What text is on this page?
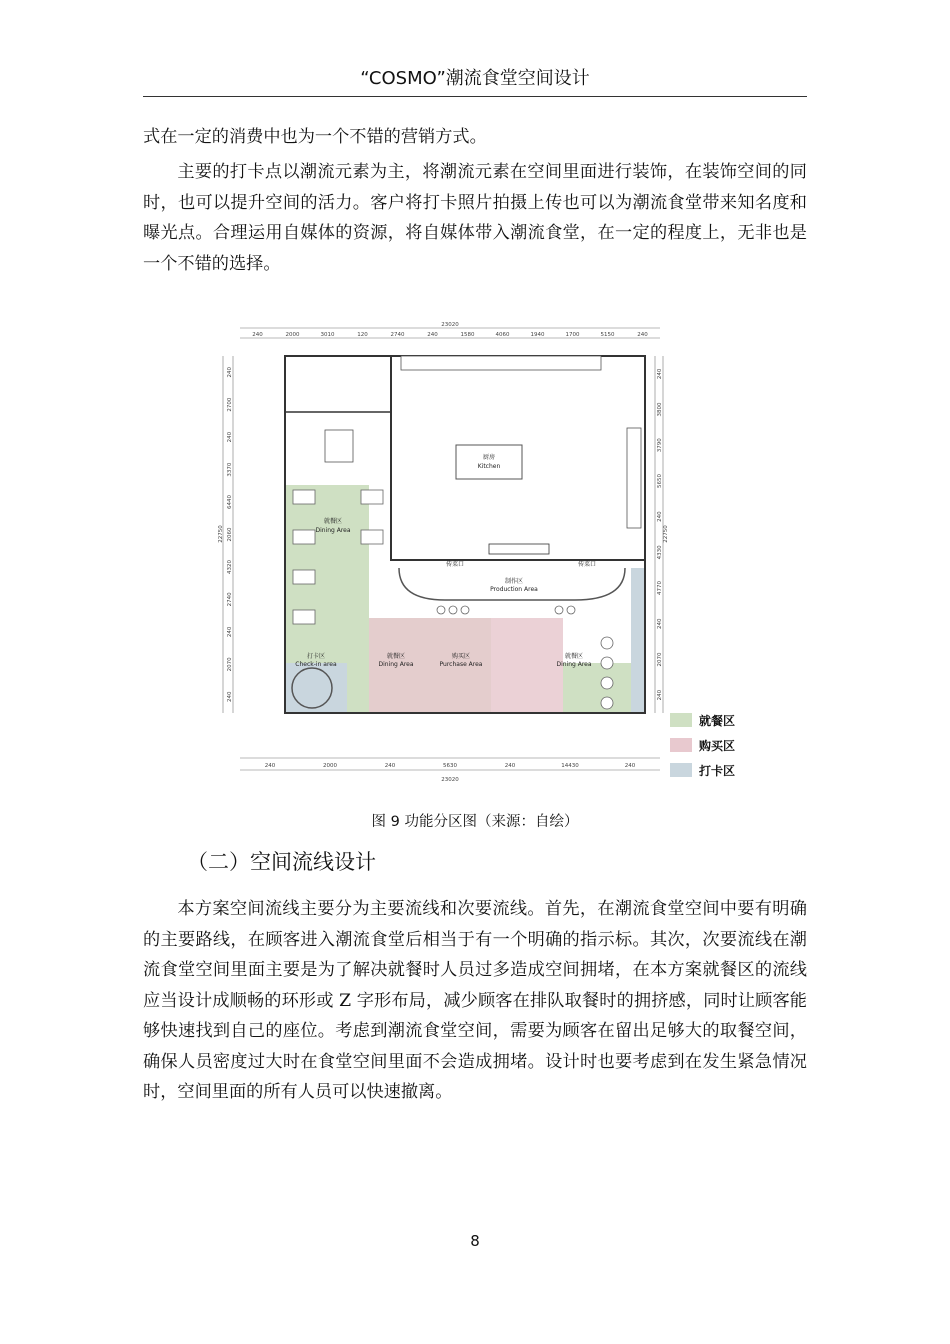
“COSMO”潮流食堂空间设计

式在一定的消费中也为一个不错的营销方式。

主要的打卡点以潮流元素为主，将潮流元素在空间里面进行装饰，在装饰空间的同时，也可以提升空间的活力。客户将打卡照片拍摄上传也可以为潮流食堂带来知名度和曝光点。合理运用自媒体的资源，将自媒体带入潮流食堂，在一定的程度上，无非也是一个不错的选择。

厨房
Kitchen
传菜口	传菜口
制作区
Production Area
就餐区
Dining Area
就餐区
Dining Area
购买区
Purchase Area
就餐区
Dining Area
打卡区
Check-in area
23020
23020
22750	22750
240	2000	3010	120	2740	240	1580	4060	1940	1700	5150	240
240	2000	240	5630	240	14430	240
240
2700
240
3370
6440
2060
4320
2740
240
2070
240
240
3800
3790
5650
240
4330
4770
240
2070
240
就餐区
购买区
打卡区
图 9 功能分区图（来源：自绘）
（二）空间流线设计

本方案空间流线主要分为主要流线和次要流线。首先，在潮流食堂空间中要有明确的主要路线，在顾客进入潮流食堂后相当于有一个明确的指示标。其次，次要流线在潮流食堂空间里面主要是为了解决就餐时人员过多造成空间拥堵，在本方案就餐区的流线应当设计成顺畅的环形或 Z 字形布局，减少顾客在排队取餐时的拥挤感，同时让顾客能够快速找到自己的座位。考虑到潮流食堂空间，需要为顾客在留出足够大的取餐空间，确保人员密度过大时在食堂空间里面不会造成拥堵。设计时也要考虑到在发生紧急情况时，空间里面的所有人员可以快速撤离。

8
